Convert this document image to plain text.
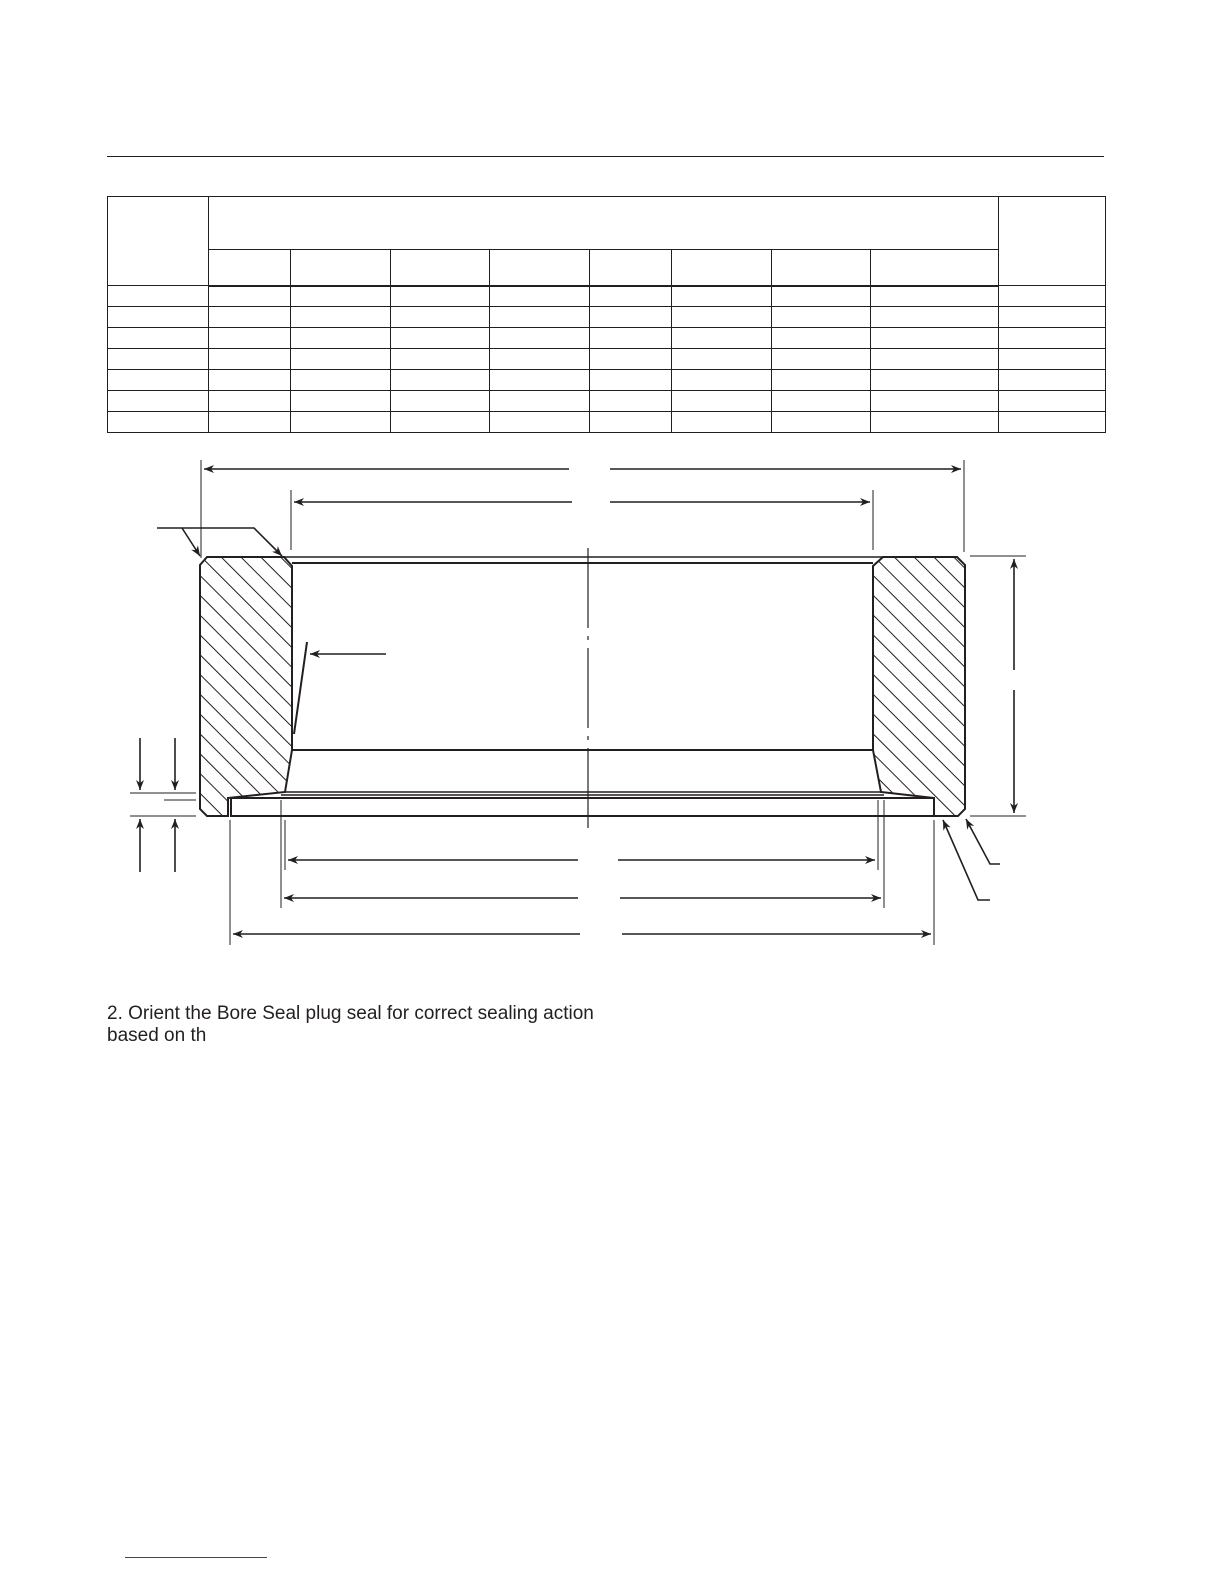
2. Orient the Bore Seal plug seal for correct sealing action based on th
